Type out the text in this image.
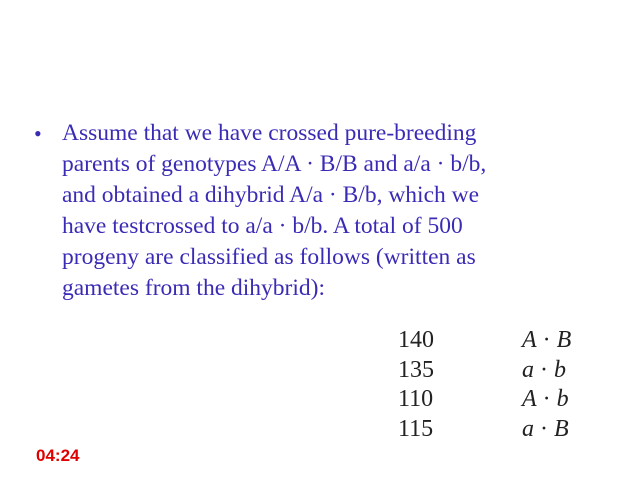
• Assume that we have crossed pure-breeding
parents of genotypes A/A · B/B and a/a · b/b,
and obtained a dihybrid A/a · B/b, which we
have testcrossed to a/a · b/b. A total of 500
progeny are classified as follows (written as
gametes from the dihybrid):
140	A · B
135	a · b
110	A · b
115	a · B
04:24
